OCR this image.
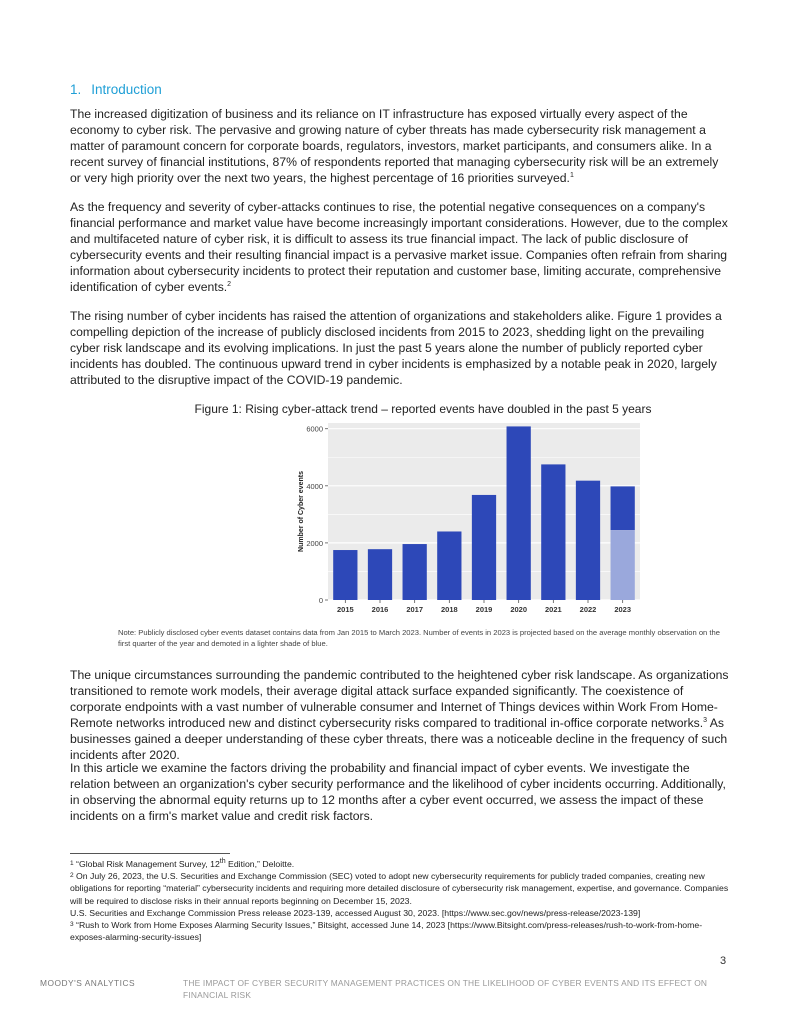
1. Introduction

The increased digitization of business and its reliance on IT infrastructure has exposed virtually every aspect of the economy to cyber risk. The pervasive and growing nature of cyber threats has made cybersecurity risk management a matter of paramount concern for corporate boards, regulators, investors, market participants, and consumers alike. In a recent survey of financial institutions, 87% of respondents reported that managing cybersecurity risk will be an extremely or very high priority over the next two years, the highest percentage of 16 priorities surveyed.$^1$

As the frequency and severity of cyber-attacks continues to rise, the potential negative consequences on a company's financial performance and market value have become increasingly important considerations. However, due to the complex and multifaceted nature of cyber risk, it is difficult to assess its true financial impact. The lack of public disclosure of cybersecurity events and their resulting financial impact is a pervasive market issue. Companies often refrain from sharing information about cybersecurity incidents to protect their reputation and customer base, limiting accurate, comprehensive identification of cyber events.$^2$

The rising number of cyber incidents has raised the attention of organizations and stakeholders alike. Figure 1 provides a compelling depiction of the increase of publicly disclosed incidents from 2015 to 2023, shedding light on the prevailing cyber risk landscape and its evolving implications. In just the past 5 years alone the number of publicly reported cyber incidents has doubled. The continuous upward trend in cyber incidents is emphasized by a notable peak in 2020, largely attributed to the disruptive impact of the COVID-19 pandemic.

Figure 1: Rising cyber-attack trend – reported events have doubled in the past 5 years
0
2000
4000
6000
2015 2016 2017 2018 2019 2020 2021 2022 2023
Number of Cyber events

Note: Publicly disclosed cyber events dataset contains data from Jan 2015 to March 2023. Number of events in 2023 is projected based on the average monthly observation on the first quarter of the year and demoted in a lighter shade of blue.

The unique circumstances surrounding the pandemic contributed to the heightened cyber risk landscape. As organizations transitioned to remote work models, their average digital attack surface expanded significantly. The coexistence of corporate endpoints with a vast number of vulnerable consumer and Internet of Things devices within Work From Home-Remote networks introduced new and distinct cybersecurity risks compared to traditional in-office corporate networks.$^3$ As businesses gained a deeper understanding of these cyber threats, there was a noticeable decline in the frequency of such incidents after 2020.

In this article we examine the factors driving the probability and financial impact of cyber events. We investigate the relation between an organization's cyber security performance and the likelihood of cyber incidents occurring. Additionally, in observing the abnormal equity returns up to 12 months after a cyber event occurred, we assess the impact of these incidents on a firm's market value and credit risk factors.

$^1$ “Global Risk Management Survey, 12th Edition,” Deloitte.

$^2$ On July 26, 2023, the U.S. Securities and Exchange Commission (SEC) voted to adopt new cybersecurity requirements for publicly traded companies, creating new obligations for reporting “material” cybersecurity incidents and requiring more detailed disclosure of cybersecurity risk management, expertise, and governance. Companies will be required to disclose risks in their annual reports beginning on December 15, 2023.

U.S. Securities and Exchange Commission Press release 2023-139, accessed August 30, 2023. [https://www.sec.gov/news/press-release/2023-139]

$^3$ “Rush to Work from Home Exposes Alarming Security Issues,” Bitsight, accessed June 14, 2023 [https://www.Bitsight.com/press-releases/rush-to-work-from-home-exposes-alarming-security-issues]

3
MOODY'S ANALYTICS	THE IMPACT OF CYBER SECURITY MANAGEMENT PRACTICES ON THE LIKELIHOOD OF CYBER EVENTS AND ITS EFFECT ON FINANCIAL RISK
